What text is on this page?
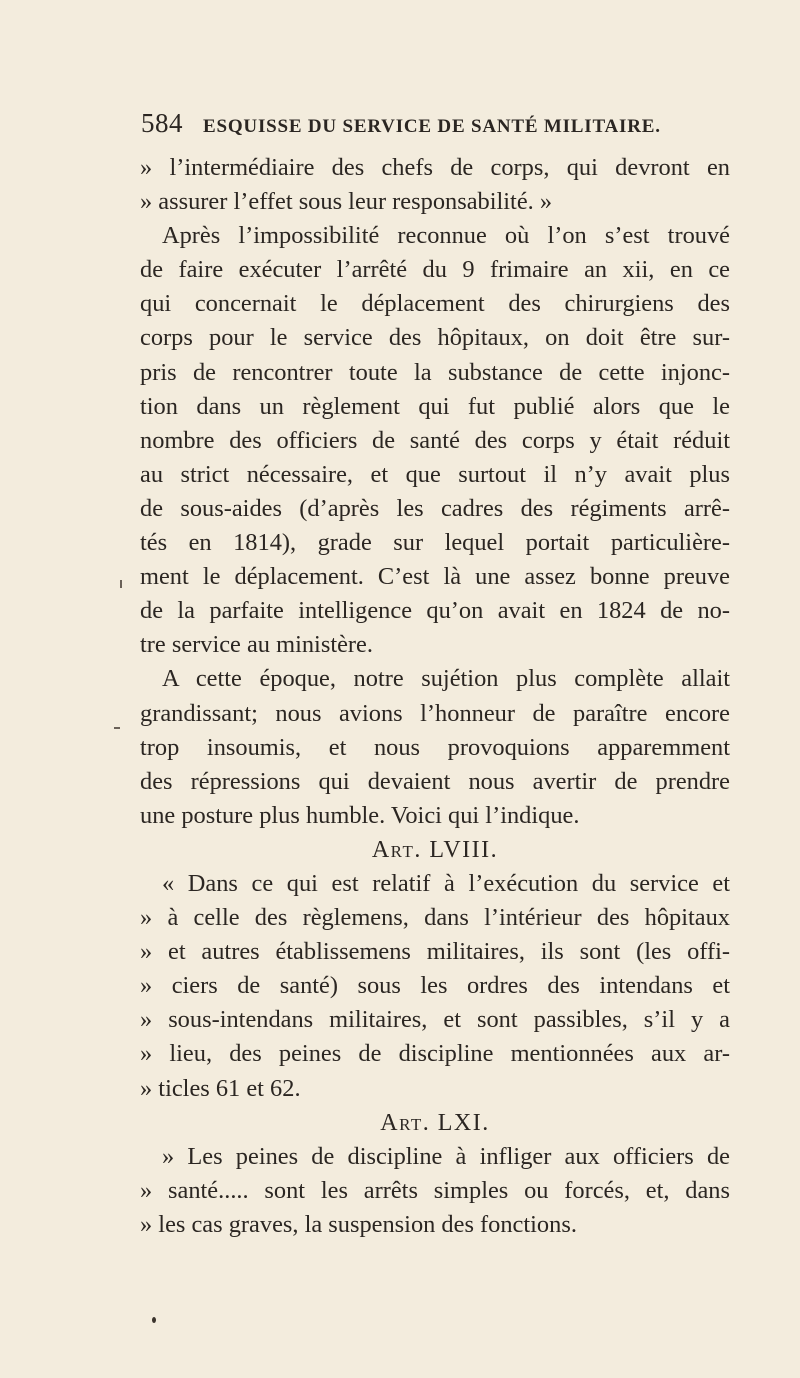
584 ESQUISSE DU SERVICE DE SANTÉ MILITAIRE.
» l’intermédiaire des chefs de corps, qui devront en
» assurer l’effet sous leur responsabilité. »
Après l’impossibilité reconnue où l’on s’est trouvé
de faire exécuter l’arrêté du 9 frimaire an xii, en ce
qui concernait le déplacement des chirurgiens des
corps pour le service des hôpitaux, on doit être sur-
pris de rencontrer toute la substance de cette injonc-
tion dans un règlement qui fut publié alors que le
nombre des officiers de santé des corps y était réduit
au strict nécessaire, et que surtout il n’y avait plus
de sous-aides (d’après les cadres des régiments arrê-
tés en 1814), grade sur lequel portait particulière-
ment le déplacement. C’est là une assez bonne preuve
de la parfaite intelligence qu’on avait en 1824 de no-
tre service au ministère.
A cette époque, notre sujétion plus complète allait
grandissant; nous avions l’honneur de paraître encore
trop insoumis, et nous provoquions apparemment
des répressions qui devaient nous avertir de prendre
une posture plus humble. Voici qui l’indique.
Art. LVIII.
« Dans ce qui est relatif à l’exécution du service et
» à celle des règlemens, dans l’intérieur des hôpitaux
» et autres établissemens militaires, ils sont (les offi-
» ciers de santé) sous les ordres des intendans et
» sous-intendans militaires, et sont passibles, s’il y a
» lieu, des peines de discipline mentionnées aux ar-
» ticles 61 et 62.
Art. LXI.
» Les peines de discipline à infliger aux officiers de
» santé..... sont les arrêts simples ou forcés, et, dans
» les cas graves, la suspension des fonctions.
